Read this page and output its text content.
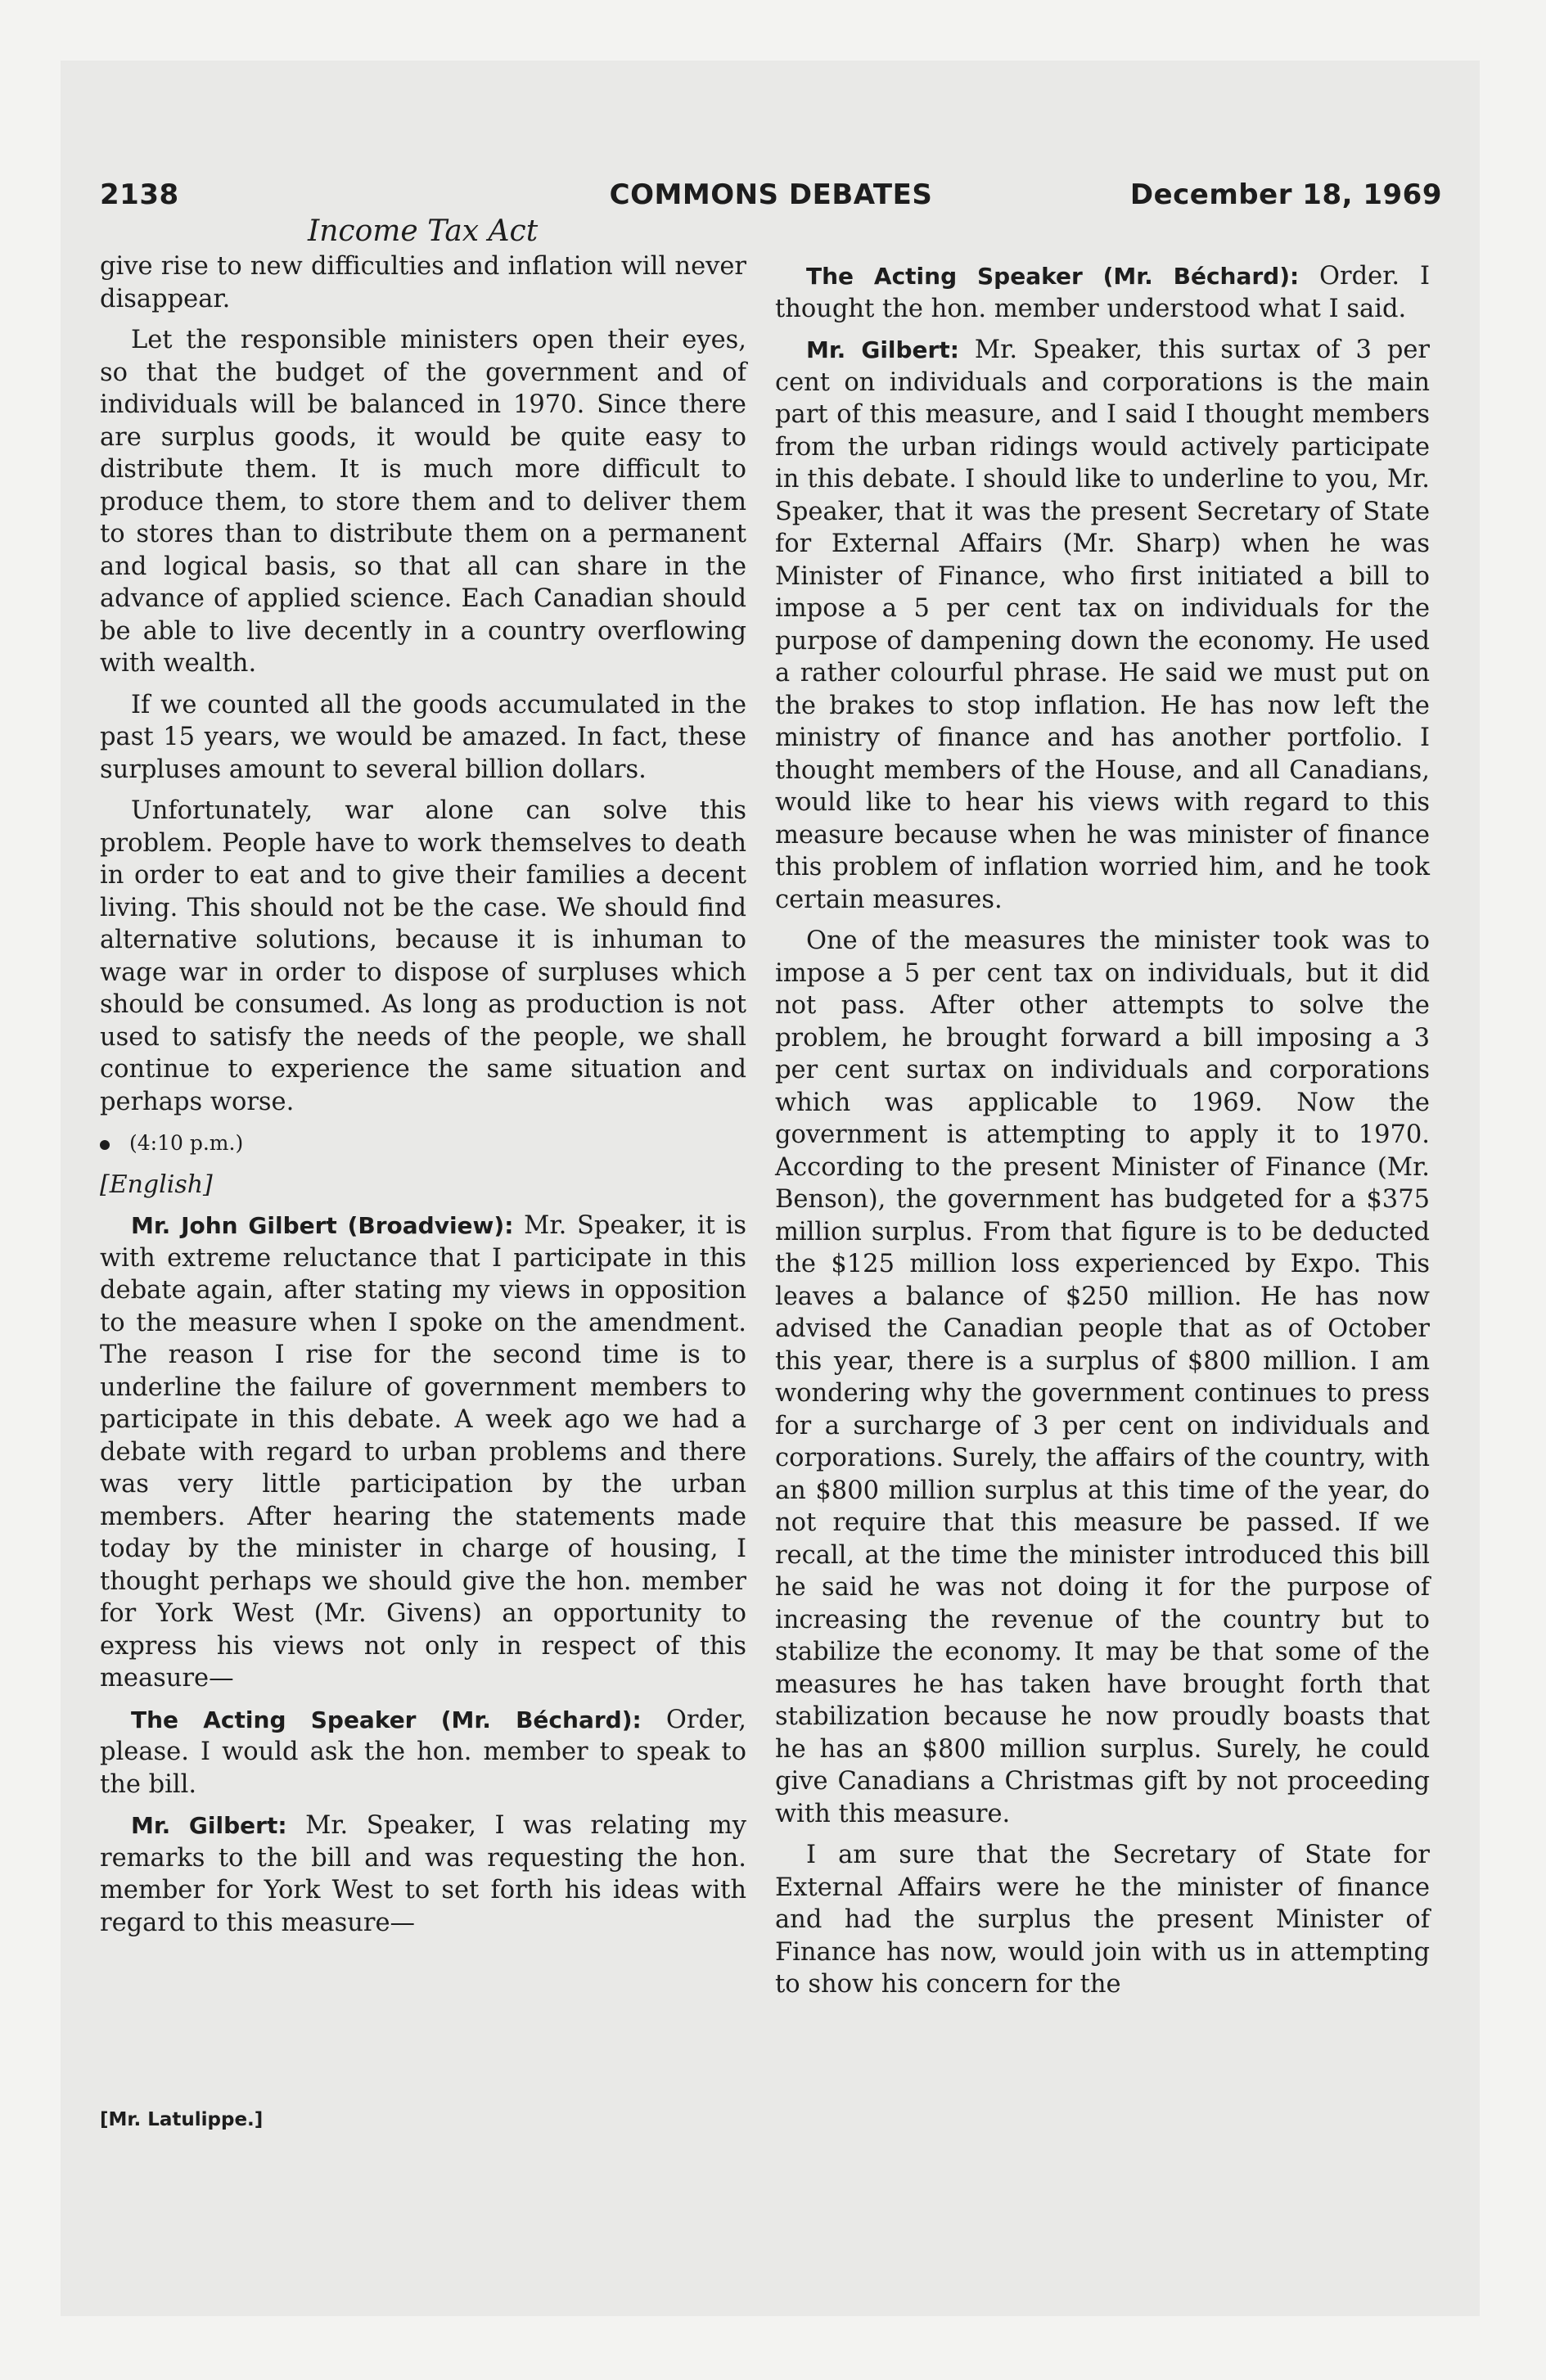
2138	COMMONS DEBATES	December 18, 1969
Income Tax Act

give rise to new difficulties and inflation will never disappear.

Let the responsible ministers open their eyes, so that the budget of the government and of individuals will be balanced in 1970. Since there are surplus goods, it would be quite easy to distribute them. It is much more difficult to produce them, to store them and to deliver them to stores than to distribute them on a permanent and logical basis, so that all can share in the advance of applied science. Each Canadian should be able to live decently in a country overflowing with wealth.

If we counted all the goods accumulated in the past 15 years, we would be amazed. In fact, these surpluses amount to several billion dollars.

Unfortunately, war alone can solve this problem. People have to work themselves to death in order to eat and to give their families a decent living. This should not be the case. We should find alternative solutions, because it is inhuman to wage war in order to dispose of surpluses which should be consumed. As long as production is not used to satisfy the needs of the people, we shall continue to experience the same situation and perhaps worse.

(4:10 p.m.)

[English]

Mr. John Gilbert (Broadview): Mr. Speaker, it is with extreme reluctance that I participate in this debate again, after stating my views in opposition to the measure when I spoke on the amendment. The reason I rise for the second time is to underline the failure of government members to participate in this debate. A week ago we had a debate with regard to urban problems and there was very little participation by the urban members. After hearing the statements made today by the minister in charge of housing, I thought perhaps we should give the hon. member for York West (Mr. Givens) an opportunity to express his views not only in respect of this measure—

The Acting Speaker (Mr. Béchard): Order, please. I would ask the hon. member to speak to the bill.

Mr. Gilbert: Mr. Speaker, I was relating my remarks to the bill and was requesting the hon. member for York West to set forth his ideas with regard to this measure—

[Mr. Latulippe.]

The Acting Speaker (Mr. Béchard): Order. I thought the hon. member understood what I said.

Mr. Gilbert: Mr. Speaker, this surtax of 3 per cent on individuals and corporations is the main part of this measure, and I said I thought members from the urban ridings would actively participate in this debate. I should like to underline to you, Mr. Speaker, that it was the present Secretary of State for External Affairs (Mr. Sharp) when he was Minister of Finance, who first initiated a bill to impose a 5 per cent tax on individuals for the purpose of dampening down the economy. He used a rather colourful phrase. He said we must put on the brakes to stop inflation. He has now left the ministry of finance and has another portfolio. I thought members of the House, and all Canadians, would like to hear his views with regard to this measure because when he was minister of finance this problem of inflation worried him, and he took certain measures.

One of the measures the minister took was to impose a 5 per cent tax on individuals, but it did not pass. After other attempts to solve the problem, he brought forward a bill imposing a 3 per cent surtax on individuals and corporations which was applicable to 1969. Now the government is attempting to apply it to 1970. According to the present Minister of Finance (Mr. Benson), the government has budgeted for a $375 million surplus. From that figure is to be deducted the $125 million loss experienced by Expo. This leaves a balance of $250 million. He has now advised the Canadian people that as of October this year, there is a surplus of $800 million. I am wondering why the government continues to press for a surcharge of 3 per cent on individuals and corporations. Surely, the affairs of the country, with an $800 million surplus at this time of the year, do not require that this measure be passed. If we recall, at the time the minister introduced this bill he said he was not doing it for the purpose of increasing the revenue of the country but to stabilize the economy. It may be that some of the measures he has taken have brought forth that stabilization because he now proudly boasts that he has an $800 million surplus. Surely, he could give Canadians a Christmas gift by not proceeding with this measure.

I am sure that the Secretary of State for External Affairs were he the minister of finance and had the surplus the present Minister of Finance has now, would join with us in attempting to show his concern for the
